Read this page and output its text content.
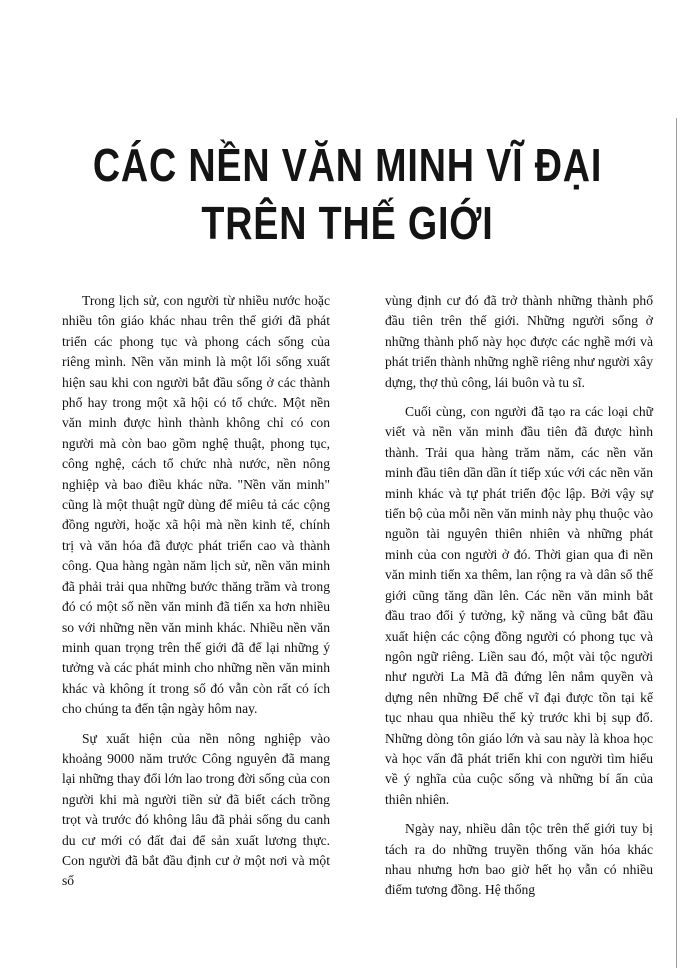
CÁC NỀN VĂN MINH VĨ ĐẠI
TRÊN THẾ GIỚI

Trong lịch sử, con người từ nhiều nước hoặc nhiều tôn giáo khác nhau trên thế giới đã phát triển các phong tục và phong cách sống của riêng mình. Nền văn minh là một lối sống xuất hiện sau khi con người bắt đầu sống ở các thành phố hay trong một xã hội có tổ chức. Một nền văn minh được hình thành không chỉ có con người mà còn bao gồm nghệ thuật, phong tục, công nghệ, cách tổ chức nhà nước, nền nông nghiệp và bao điều khác nữa. "Nền văn minh" cũng là một thuật ngữ dùng để miêu tả các cộng đồng người, hoặc xã hội mà nền kinh tế, chính trị và văn hóa đã được phát triển cao và thành công. Qua hàng ngàn năm lịch sử, nền văn minh đã phải trải qua những bước thăng trầm và trong đó có một số nền văn minh đã tiến xa hơn nhiều so với những nền văn minh khác. Nhiều nền văn minh quan trọng trên thế giới đã để lại những ý tưởng và các phát minh cho những nền văn minh khác và không ít trong số đó vẫn còn rất có ích cho chúng ta đến tận ngày hôm nay.

Sự xuất hiện của nền nông nghiệp vào khoảng 9000 năm trước Công nguyên đã mang lại những thay đổi lớn lao trong đời sống của con người khi mà người tiền sử đã biết cách trồng trọt và trước đó không lâu đã phải sống du canh du cư mới có đất đai để sản xuất lương thực. Con người đã bắt đầu định cư ở một nơi và một số

vùng định cư đó đã trở thành những thành phố đầu tiên trên thế giới. Những người sống ở những thành phố này học được các nghề mới và phát triển thành những nghề riêng như người xây dựng, thợ thủ công, lái buôn và tu sĩ.

Cuối cùng, con người đã tạo ra các loại chữ viết và nền văn minh đầu tiên đã được hình thành. Trải qua hàng trăm năm, các nền văn minh đầu tiên dần dần ít tiếp xúc với các nền văn minh khác và tự phát triển độc lập. Bởi vậy sự tiến bộ của mỗi nền văn minh này phụ thuộc vào nguồn tài nguyên thiên nhiên và những phát minh của con người ở đó. Thời gian qua đi nền văn minh tiến xa thêm, lan rộng ra và dân số thế giới cũng tăng dần lên. Các nền văn minh bắt đầu trao đổi ý tưởng, kỹ năng và cũng bắt đầu xuất hiện các cộng đồng người có phong tục và ngôn ngữ riêng. Liền sau đó, một vài tộc người như người La Mã đã đứng lên nắm quyền và dựng nên những Đế chế vĩ đại được tồn tại kế tục nhau qua nhiều thế kỷ trước khi bị sụp đổ. Những dòng tôn giáo lớn và sau này là khoa học và học vấn đã phát triển khi con người tìm hiểu về ý nghĩa của cuộc sống và những bí ẩn của thiên nhiên.

Ngày nay, nhiều dân tộc trên thế giới tuy bị tách ra do những truyền thống văn hóa khác nhau nhưng hơn bao giờ hết họ vẫn có nhiều điểm tương đồng. Hệ thống
